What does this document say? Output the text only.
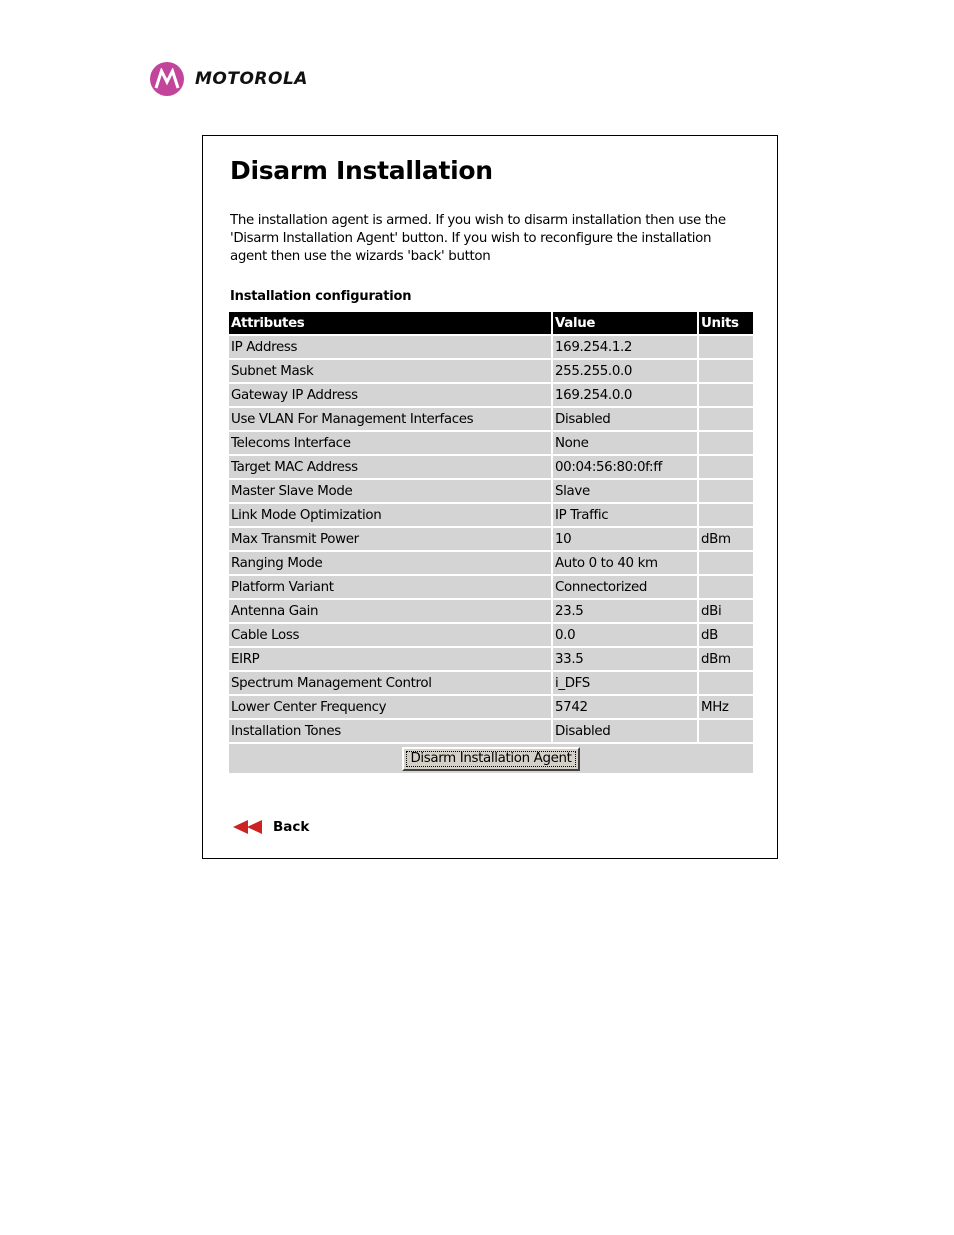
MOTOROLA
Disarm Installation

The installation agent is armed. If you wish to disarm installation then use the 'Disarm Installation Agent' button. If you wish to reconfigure the installation agent then use the wizards 'back' button

Installation configuration
Attributes	Value	Units
IP Address	169.254.1.2	
Subnet Mask	255.255.0.0	
Gateway IP Address	169.254.0.0	
Use VLAN For Management Interfaces	Disabled	
Telecoms Interface	None	
Target MAC Address	00:04:56:80:0f:ff	
Master Slave Mode	Slave	
Link Mode Optimization	IP Traffic	
Max Transmit Power	10	dBm
Ranging Mode	Auto 0 to 40 km	
Platform Variant	Connectorized	
Antenna Gain	23.5	dBi
Cable Loss	0.0	dB
EIRP	33.5	dBm
Spectrum Management Control	i_DFS	
Lower Center Frequency	5742	MHz
Installation Tones	Disabled	
Disarm Installation Agent		
Back
